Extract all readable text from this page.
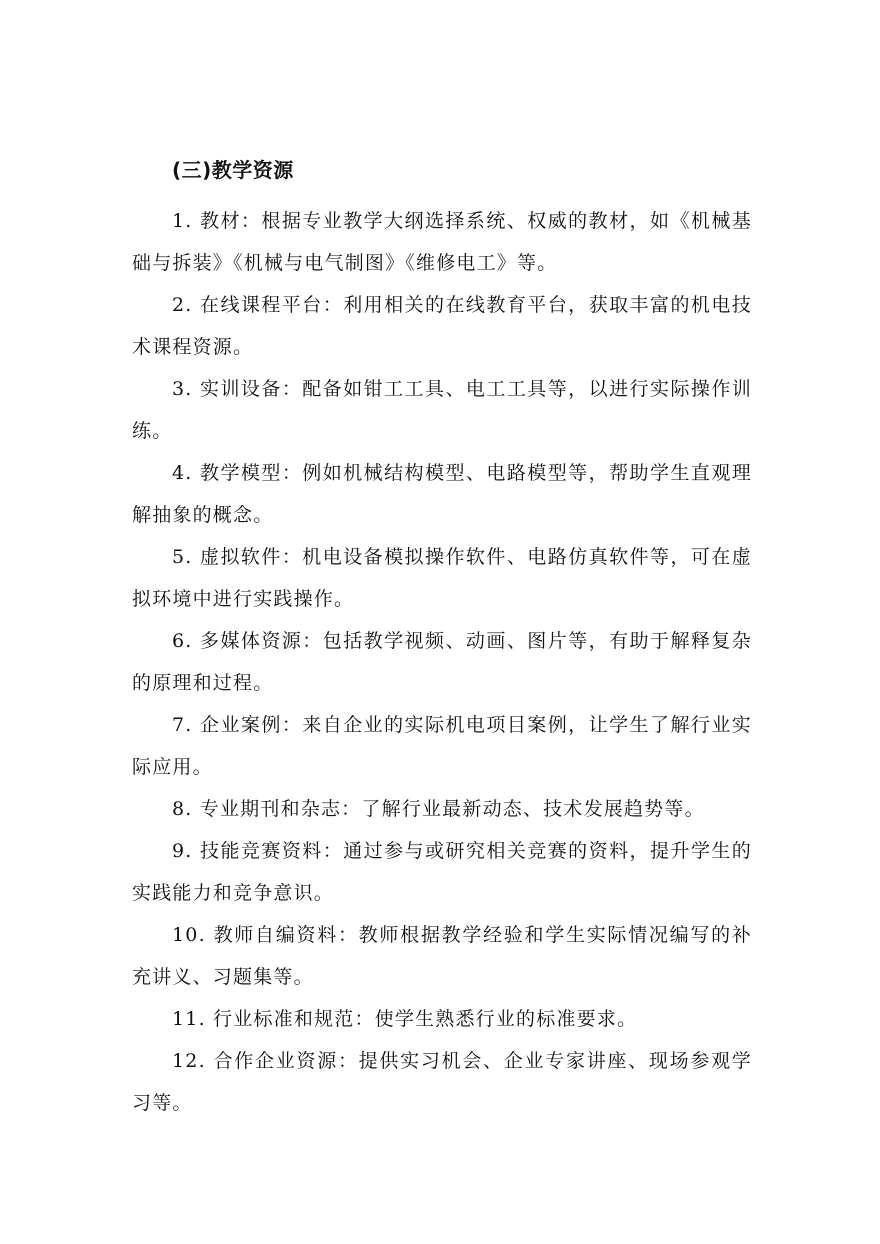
(三)教学资源

1. 教材：根据专业教学大纲选择系统、权威的教材，如《机械基础与拆装》《机械与电气制图》《维修电工》等。

2. 在线课程平台：利用相关的在线教育平台，获取丰富的机电技术课程资源。

3. 实训设备：配备如钳工工具、电工工具等，以进行实际操作训练。

4. 教学模型：例如机械结构模型、电路模型等，帮助学生直观理解抽象的概念。

5. 虚拟软件：机电设备模拟操作软件、电路仿真软件等，可在虚拟环境中进行实践操作。

6. 多媒体资源：包括教学视频、动画、图片等，有助于解释复杂的原理和过程。

7. 企业案例：来自企业的实际机电项目案例，让学生了解行业实际应用。

8. 专业期刊和杂志：了解行业最新动态、技术发展趋势等。

9. 技能竞赛资料：通过参与或研究相关竞赛的资料，提升学生的实践能力和竞争意识。

10. 教师自编资料：教师根据教学经验和学生实际情况编写的补充讲义、习题集等。

11. 行业标准和规范：使学生熟悉行业的标准要求。

12. 合作企业资源：提供实习机会、企业专家讲座、现场参观学习等。
